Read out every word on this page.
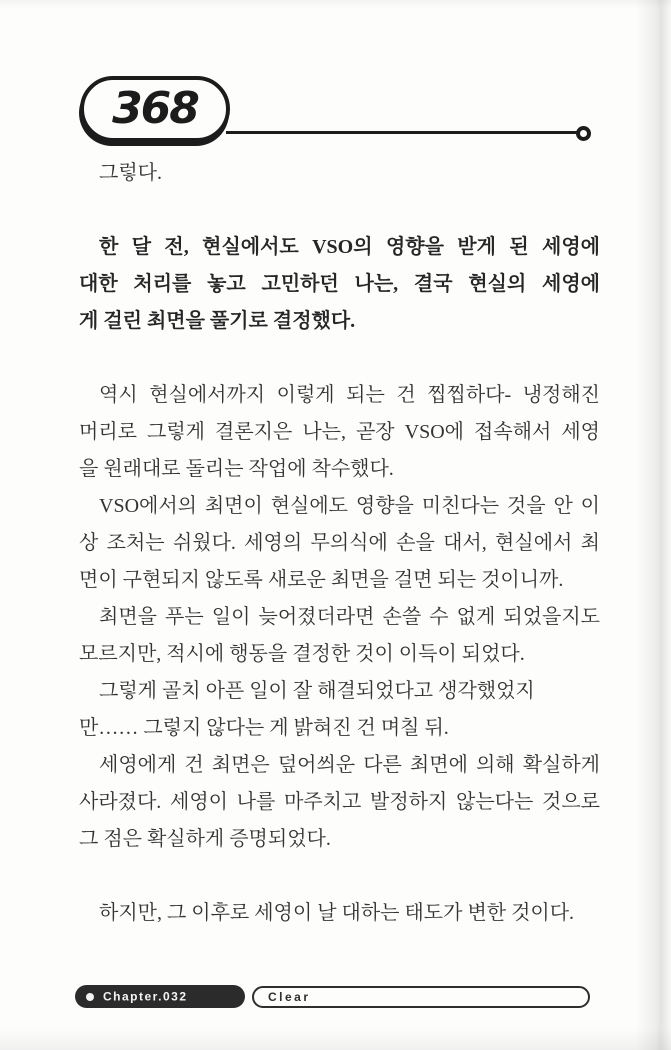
368
그렇다.
한 달 전, 현실에서도 VSO의 영향을 받게 된 세영에
대한 처리를 놓고 고민하던 나는, 결국 현실의 세영에
게 걸린 최면을 풀기로 결정했다.
역시 현실에서까지 이렇게 되는 건 찝찝하다- 냉정해진
머리로 그렇게 결론지은 나는, 곧장 VSO에 접속해서 세영
을 원래대로 돌리는 작업에 착수했다.
VSO에서의 최면이 현실에도 영향을 미친다는 것을 안 이
상 조처는 쉬웠다. 세영의 무의식에 손을 대서, 현실에서 최
면이 구현되지 않도록 새로운 최면을 걸면 되는 것이니까.
최면을 푸는 일이 늦어졌더라면 손쓸 수 없게 되었을지도
모르지만, 적시에 행동을 결정한 것이 이득이 되었다.
그렇게 골치 아픈 일이 잘 해결되었다고 생각했었지
만…… 그렇지 않다는 게 밝혀진 건 며칠 뒤.
세영에게 건 최면은 덮어씌운 다른 최면에 의해 확실하게
사라졌다. 세영이 나를 마주치고 발정하지 않는다는 것으로
그 점은 확실하게 증명되었다.
하지만, 그 이후로 세영이 날 대하는 태도가 변한 것이다.
Chapter.032	Clear
